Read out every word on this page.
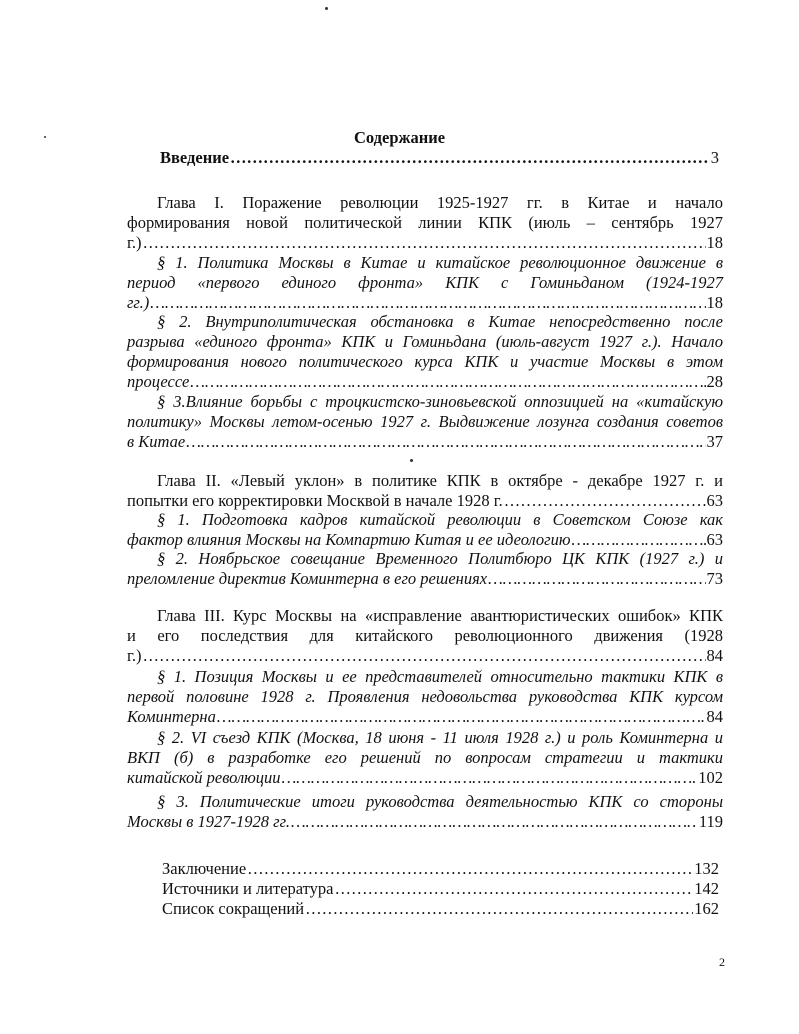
Содержание
Введение ………………………………………………………………………………………………………………………………………………………………	3
Глава I. Поражение революции 1925-1927 гг. в Китае и начало
формирования новой политической линии КПК (июль – сентябрь 1927
г.) ………………………………………………………………………………………………………………………………………………………………	18
§ 1. Политика Москвы в Китае и китайское революционное движение в
период «первого единого фронта» КПК с Гоминьданом (1924-1927
гг.) ………………………………………………………………………………………………………………………………………………………………	18
§ 2. Внутриполитическая обстановка в Китае непосредственно после
разрыва «единого фронта» КПК и Гоминьдана (июль-август 1927 г.). Начало
формирования нового политического курса КПК и участие Москвы в этом
процессе ………………………………………………………………………………………………………………………………………………………………	28
§ 3.Влияние борьбы с троцкистско-зиновьевской оппозицией на «китайскую
политику» Москвы летом-осенью 1927 г. Выдвижение лозунга создания советов
в Китае ………………………………………………………………………………………………………………………………………………………………	37
Глава II. «Левый уклон» в политике КПК в октябре - декабре 1927 г. и
попытки его корректировки Москвой в начале 1928 г. ………………………………………………………………………………………………………………………………………………………………	63
§ 1. Подготовка кадров китайской революции в Советском Союзе как
фактор влияния Москвы на Компартию Китая и ее идеологию ………………………………………………………………………………………………………………………………………………………………	63
§ 2. Ноябрьское совещание Временного Политбюро ЦК КПК (1927 г.) и
преломление директив Коминтерна в его решениях ………………………………………………………………………………………………………………………………………………………………	73
Глава III. Курс Москвы на «исправление авантюристических ошибок» КПК
и его последствия для китайского революционного движения (1928
г.) ………………………………………………………………………………………………………………………………………………………………	84
§ 1. Позиция Москвы и ее представителей относительно тактики КПК в
первой половине 1928 г. Проявления недовольства руководства КПК курсом
Коминтерна ………………………………………………………………………………………………………………………………………………………………	84
§ 2. VI съезд КПК (Москва, 18 июня - 11 июля 1928 г.) и роль Коминтерна и
ВКП (б) в разработке его решений по вопросам стратегии и тактики
китайской революции ………………………………………………………………………………………………………………………………………………………………	102
§ 3. Политические итоги руководства деятельностью КПК со стороны
Москвы в 1927-1928 гг. ………………………………………………………………………………………………………………………………………………………………	119
Заключение ………………………………………………………………………………………………………………………………………………………………	132
Источники и литература ………………………………………………………………………………………………………………………………………………………………	142
Список сокращений ………………………………………………………………………………………………………………………………………………………………	162
2
